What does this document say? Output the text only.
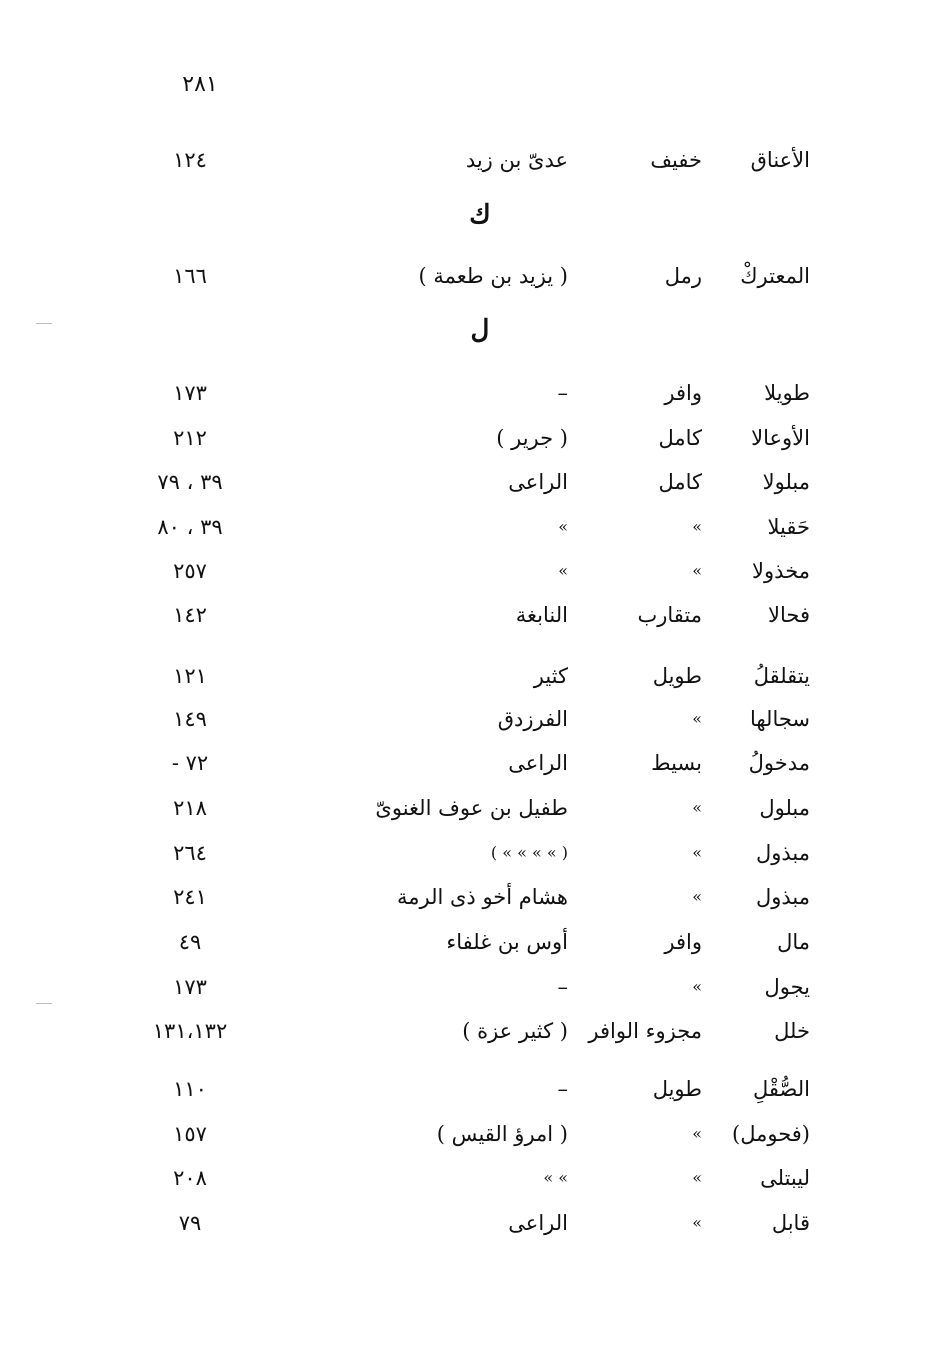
٢٨١
ك
ل
الأعناق
خفيف
عدىّ بن زيد
١٢٤
المعتركْ
رمل
( يزيد بن طعمة )
١٦٦
طويلا
وافر
–
١٧٣
الأوعالا
كامل
( جرير )
٢١٢
مبلولا
كامل
الراعى
٣٩ ، ٧٩
حَقيلا
»
»
٣٩ ، ٨٠
مخذولا
»
»
٢٥٧
فحالا
متقارب
النابغة
١٤٢
يتقلقلُ
طويل
كثير
١٢١
سجالها
»
الفرزدق
١٤٩
مدخولُ
بسيط
الراعى
٧٢ -
مبلول
»
طفيل بن عوف الغنوىّ
٢١٨
مبذول
»
( » » » » )
٢٦٤
مبذول
»
هشام أخو ذى الرمة
٢٤١
مال
وافر
أوس بن غلفاء
٤٩
يجول
»
–
١٧٣
خلل
مجزوء الوافر
( كثير عزة )
١٣١،١٣٢
الصُّقْلِ
طويل
–
١١٠
(فحومل)
»
( امرؤ القيس )
١٥٧
ليبتلى
»
» »
٢٠٨
قابل
»
الراعى
٧٩
